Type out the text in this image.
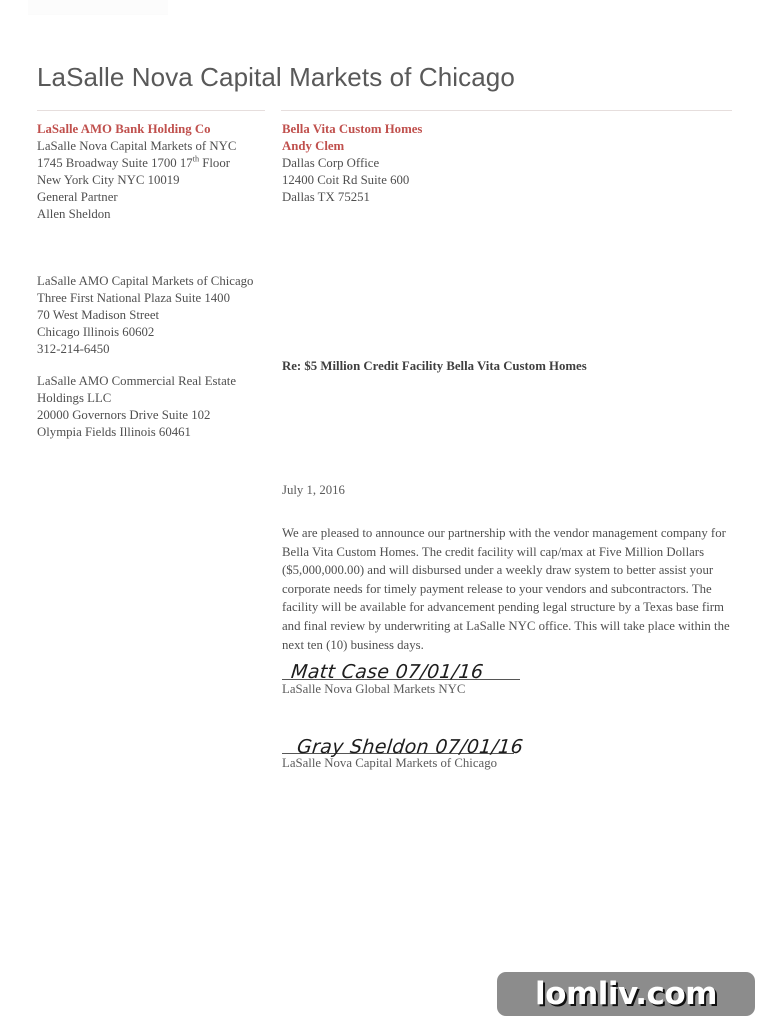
LaSalle Nova Capital Markets of Chicago
LaSalle AMO Bank Holding Co
LaSalle Nova Capital Markets of NYC
1745 Broadway Suite 1700 17th Floor
New York City NYC 10019
General Partner
Allen Sheldon
LaSalle AMO Capital Markets of Chicago
Three First National Plaza Suite 1400
70 West Madison Street
Chicago Illinois 60602
312-214-6450
LaSalle AMO Commercial Real Estate
Holdings LLC
20000 Governors Drive Suite 102
Olympia Fields Illinois 60461
Bella Vita Custom Homes
Andy Clem
Dallas Corp Office
12400 Coit Rd Suite 600
Dallas TX 75251
Re: $5 Million Credit Facility Bella Vita Custom Homes
July 1, 2016
We are pleased to announce our partnership with the vendor management company for Bella Vita Custom Homes. The credit facility will cap/max at Five Million Dollars ($5,000,000.00) and will disbursed under a weekly draw system to better assist your corporate needs for timely payment release to your vendors and subcontractors. The facility will be available for advancement pending legal structure by a Texas base firm and final review by underwriting at LaSalle NYC office. This will take place within the next ten (10) business days.
Matt Case 07/01/16
LaSalle Nova Global Markets NYC
Gray Sheldon 07/01/16
LaSalle Nova Capital Markets of Chicago
lomliv.com
